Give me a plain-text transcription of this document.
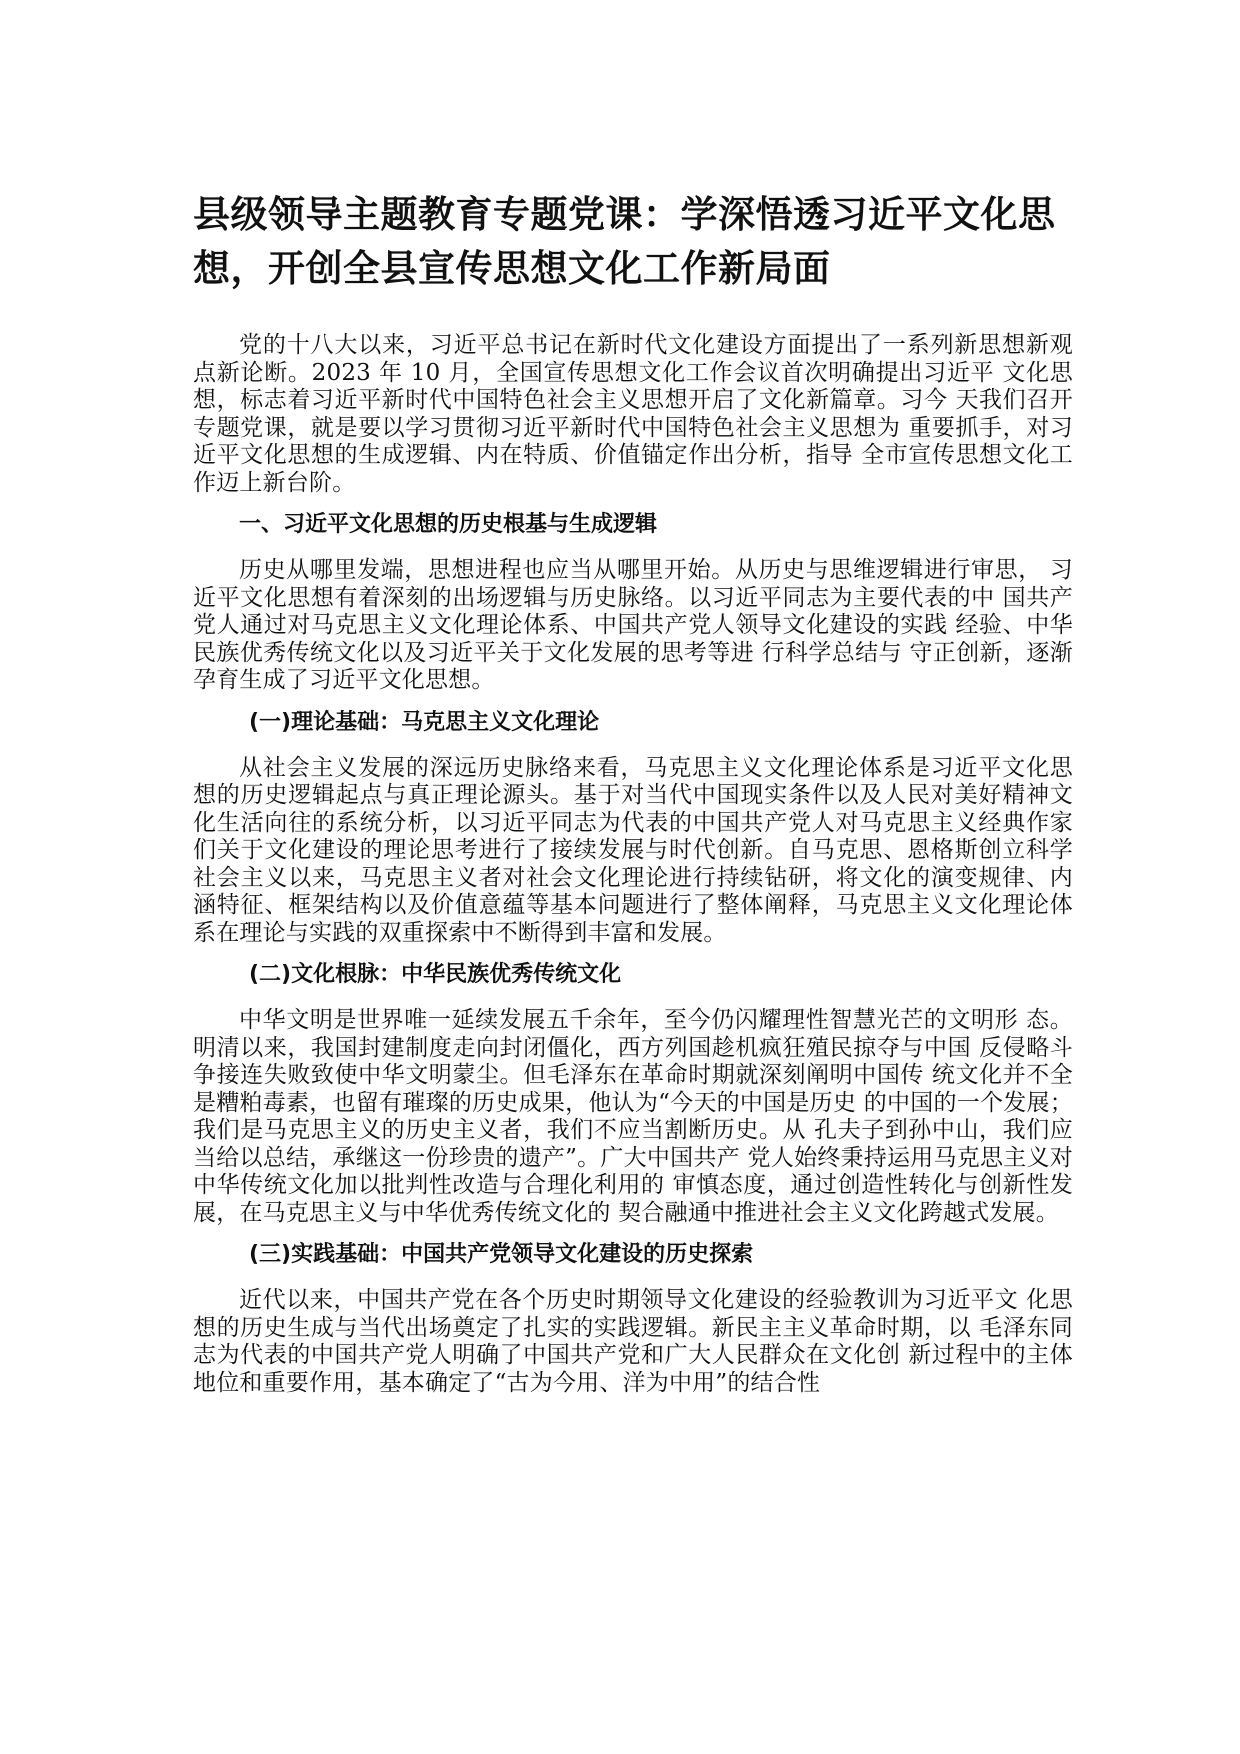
县级领导主题教育专题党课：学深悟透习近平文化思想，开创全县宣传思想文化工作新局面

党的十八大以来，习近平总书记在新时代文化建设方面提出了一系列新思想新观点新论断。2023 年 10 月，全国宣传思想文化工作会议首次明确提出习近平 文化思想，标志着习近平新时代中国特色社会主义思想开启了文化新篇章。习今 天我们召开专题党课，就是要以学习贯彻习近平新时代中国特色社会主义思想为 重要抓手，对习近平文化思想的生成逻辑、内在特质、价值锚定作出分析，指导 全市宣传思想文化工作迈上新台阶。

一、习近平文化思想的历史根基与生成逻辑

历史从哪里发端，思想进程也应当从哪里开始。从历史与思维逻辑进行审思， 习近平文化思想有着深刻的出场逻辑与历史脉络。以习近平同志为主要代表的中 国共产党人通过对马克思主义文化理论体系、中国共产党人领导文化建设的实践 经验、中华民族优秀传统文化以及习近平关于文化发展的思考等进 行科学总结与 守正创新，逐渐孕育生成了习近平文化思想。

(一)理论基础：马克思主义文化理论

从社会主义发展的深远历史脉络来看，马克思主义文化理论体系是习近平文化思想的历史逻辑起点与真正理论源头。基于对当代中国现实条件以及人民对美好精神文化生活向往的系统分析，以习近平同志为代表的中国共产党人对马克思主义经典作家们关于文化建设的理论思考进行了接续发展与时代创新。自马克思、恩格斯创立科学社会主义以来，马克思主义者对社会文化理论进行持续钻研，将文化的演变规律、内涵特征、框架结构以及价值意蕴等基本问题进行了整体阐释，马克思主义文化理论体系在理论与实践的双重探索中不断得到丰富和发展。

(二)文化根脉：中华民族优秀传统文化

中华文明是世界唯一延续发展五千余年，至今仍闪耀理性智慧光芒的文明形 态。明清以来，我国封建制度走向封闭僵化，西方列国趁机疯狂殖民掠夺与中国 反侵略斗争接连失败致使中华文明蒙尘。但毛泽东在革命时期就深刻阐明中国传 统文化并不全是糟粕毒素，也留有璀璨的历史成果，他认为“今天的中国是历史 的中国的一个发展；我们是马克思主义的历史主义者，我们不应当割断历史。从 孔夫子到孙中山，我们应当给以总结，承继这一份珍贵的遗产”。广大中国共产 党人始终秉持运用马克思主义对中华传统文化加以批判性改造与合理化利用的 审慎态度，通过创造性转化与创新性发展，在马克思主义与中华优秀传统文化的 契合融通中推进社会主义文化跨越式发展。

(三)实践基础：中国共产党领导文化建设的历史探索

近代以来，中国共产党在各个历史时期领导文化建设的经验教训为习近平文 化思想的历史生成与当代出场奠定了扎实的实践逻辑。新民主主义革命时期，以 毛泽东同志为代表的中国共产党人明确了中国共产党和广大人民群众在文化创 新过程中的主体地位和重要作用，基本确定了“古为今用、洋为中用”的结合性
